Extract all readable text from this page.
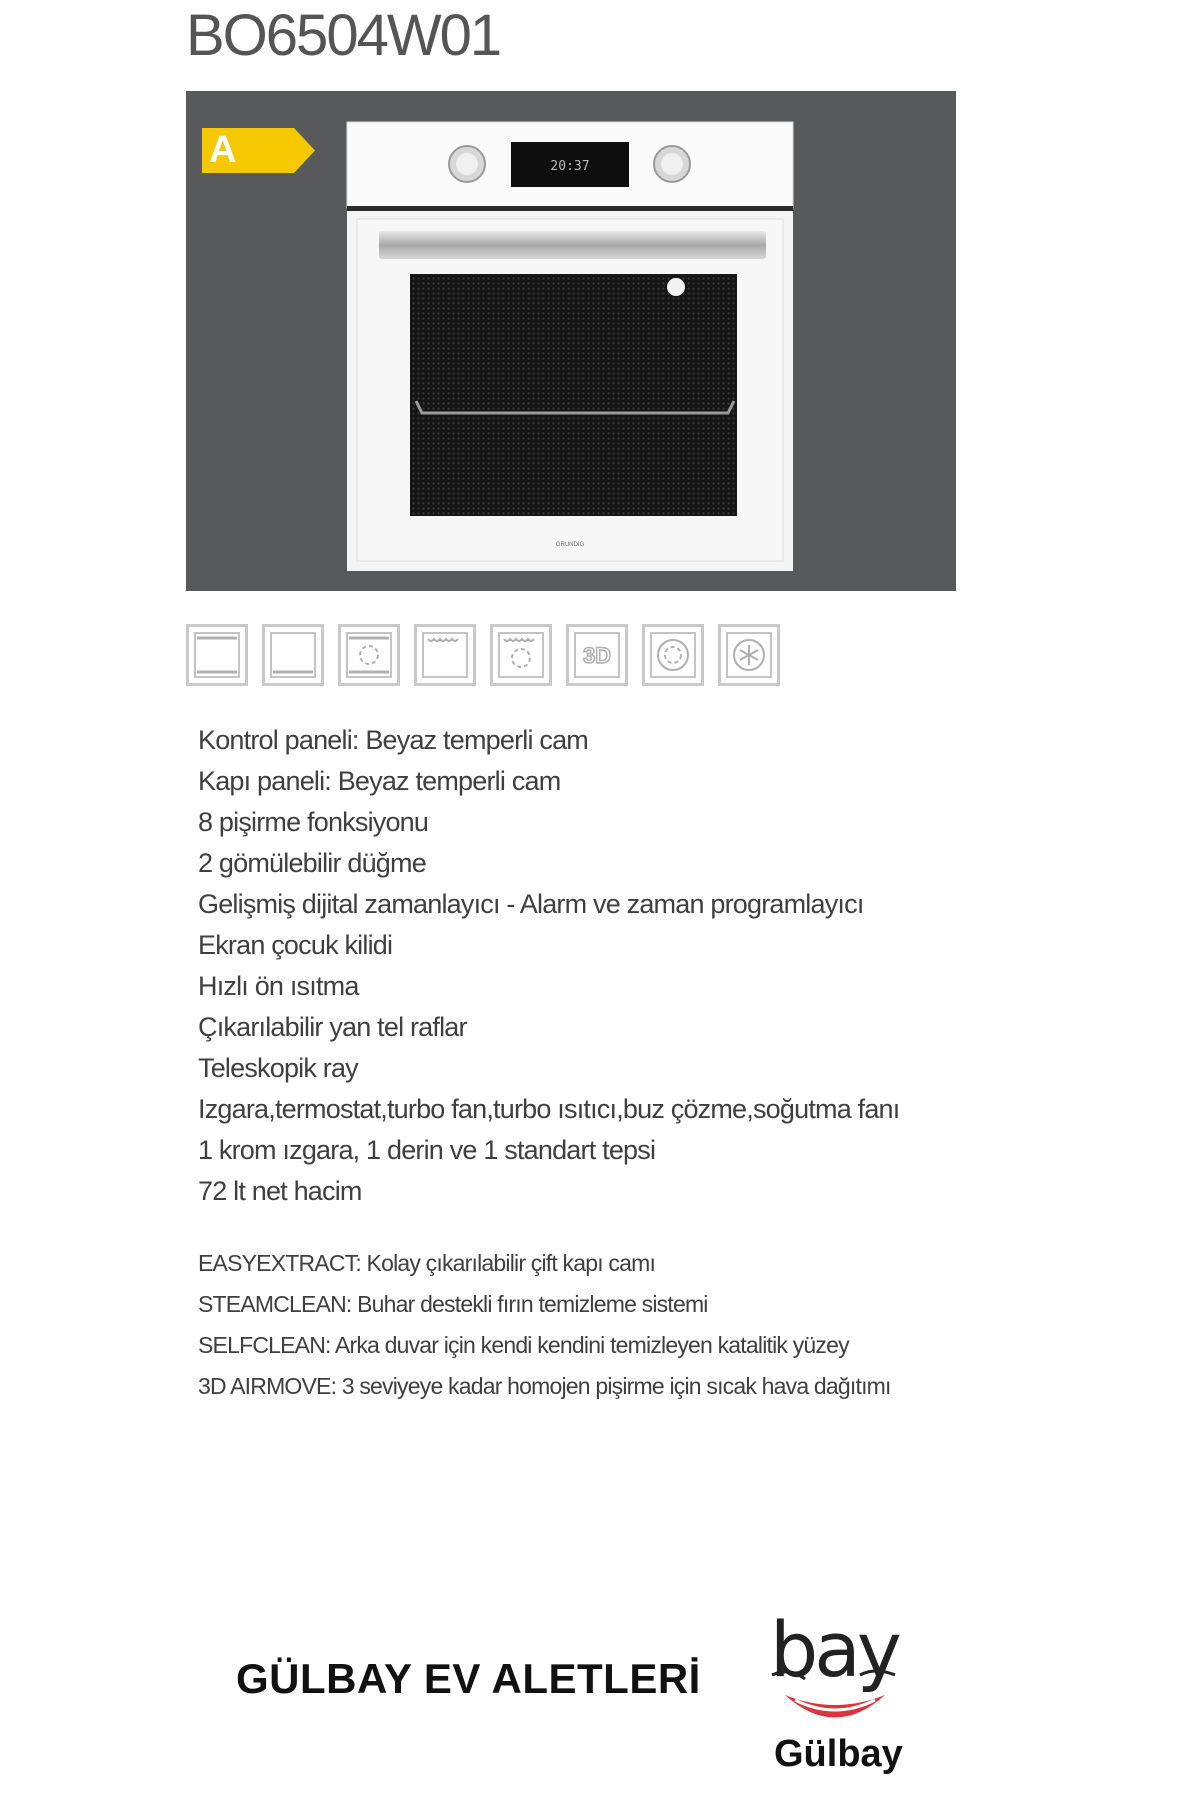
BO6504W01
20:37
GRUNDIG
A
3D
Kontrol paneli: Beyaz temperli cam
Kapı paneli: Beyaz temperli cam
8 pişirme fonksiyonu
2 gömülebilir düğme
Gelişmiş dijital zamanlayıcı - Alarm ve zaman programlayıcı
Ekran çocuk kilidi
Hızlı ön ısıtma
Çıkarılabilir yan tel raflar
Teleskopik ray
Izgara,termostat,turbo fan,turbo ısıtıcı,buz çözme,soğutma fanı
1 krom ızgara, 1 derin ve 1 standart tepsi
72 lt net hacim
EASYEXTRACT: Kolay çıkarılabilir çift kapı camı
STEAMCLEAN: Buhar destekli fırın temizleme sistemi
SELFCLEAN: Arka duvar için kendi kendini temizleyen katalitik yüzey
3D AIRMOVE: 3 seviyeye kadar homojen pişirme için sıcak hava dağıtımı
GÜLBAY EV ALETLERİ bay
Gülbay
